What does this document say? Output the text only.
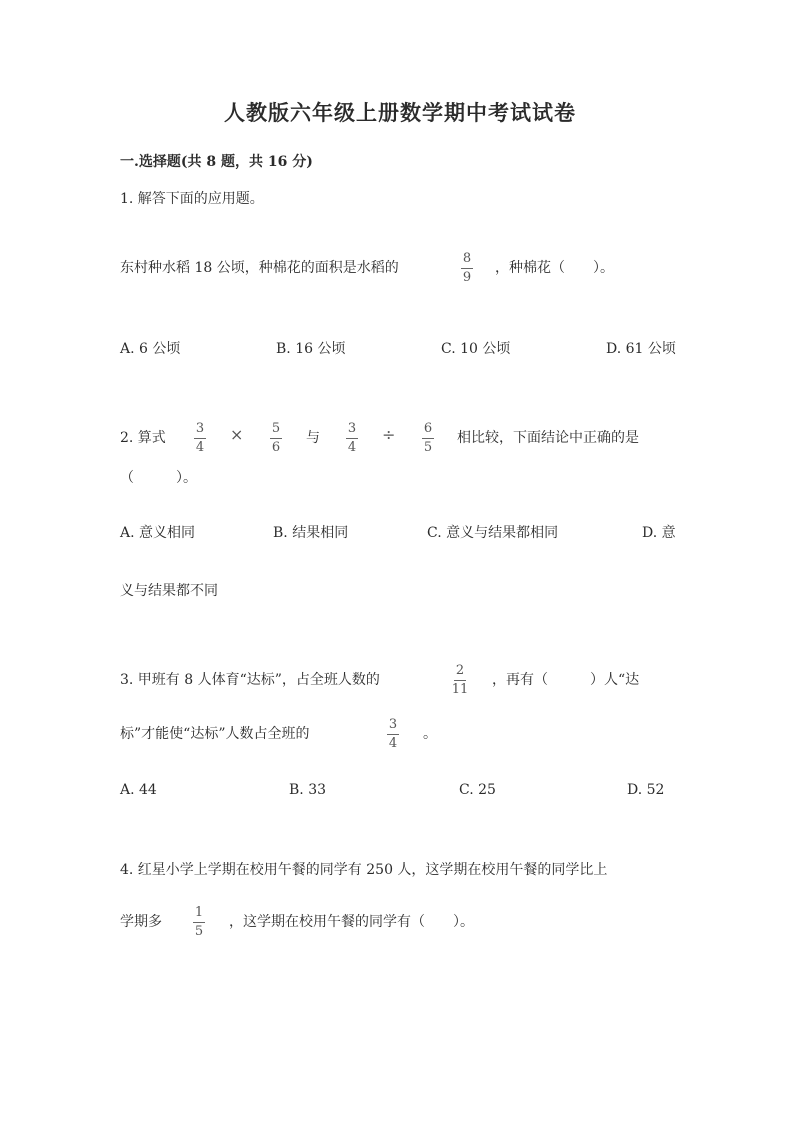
人教版六年级上册数学期中考试试卷
一.选择题(共 8 题，共 16 分)
1. 解答下面的应用题。
东村种水稻 18 公顷，种棉花的面积是水稻的
8
9
，种棉花（　　）。
A. 6 公顷	B. 16 公顷	C. 10 公顷	D. 61 公顷
2. 算式
3
4
× 5
6
与
3
4
÷ 6
5
相比较，下面结论中正确的是
（　　　）。
A. 意义相同	B. 结果相同	C. 意义与结果都相同	D. 意
义与结果都不同
3. 甲班有 8 人体育“达标”，占全班人数的
2
11
，再有（　　　）人“达
标”才能使“达标”人数占全班的
3
4
。
A. 44	B. 33	C. 25	D. 52
4. 红星小学上学期在校用午餐的同学有 250 人，这学期在校用午餐的同学比上
学期多
1
5
，这学期在校用午餐的同学有（　　）。
